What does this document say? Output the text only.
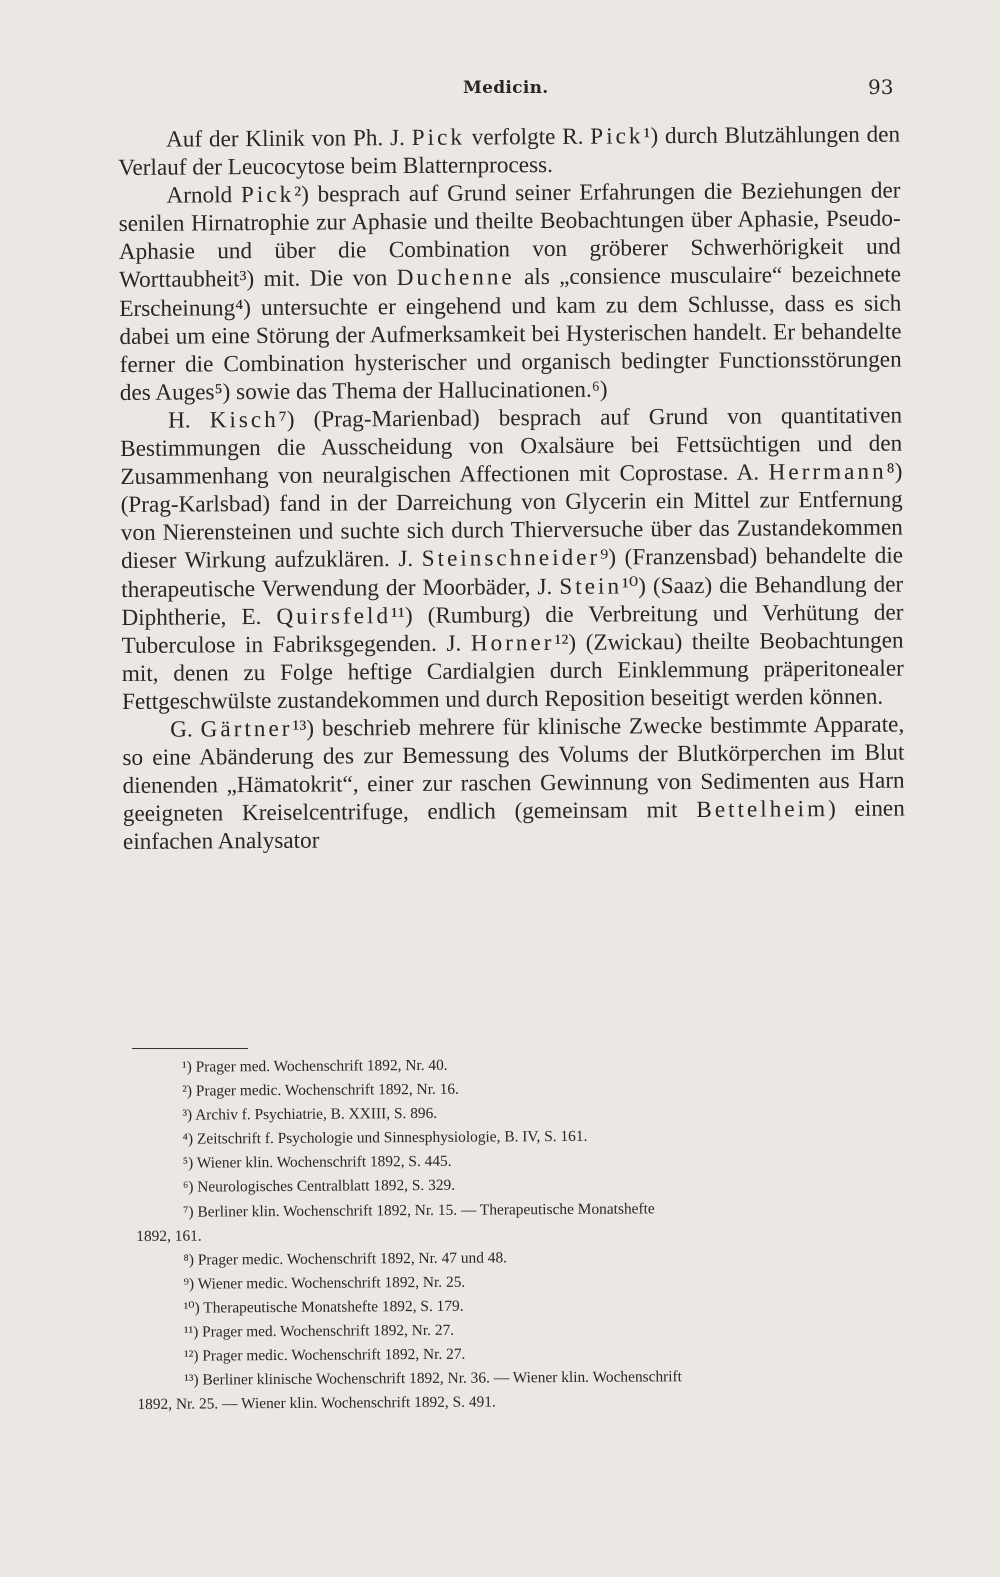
Medicin.	93

Auf der Klinik von Ph. J. Pick verfolgte R. Pick¹) durch Blutzählungen den Verlauf der Leucocytose beim Blatternprocess.

Arnold Pick²) besprach auf Grund seiner Erfahrungen die Beziehungen der senilen Hirnatrophie zur Aphasie und theilte Beobachtungen über Aphasie, Pseudo-Aphasie und über die Combination von gröberer Schwerhörigkeit und Worttaubheit³) mit. Die von Duchenne als „consience musculaire“ bezeichnete Erscheinung⁴) untersuchte er eingehend und kam zu dem Schlusse, dass es sich dabei um eine Störung der Aufmerksamkeit bei Hysterischen handelt. Er behandelte ferner die Combination hysterischer und organisch bedingter Functionsstörungen des Auges⁵) sowie das Thema der Hallucinationen.⁶)

H. Kisch⁷) (Prag-Marienbad) besprach auf Grund von quantitativen Bestimmungen die Ausscheidung von Oxalsäure bei Fettsüchtigen und den Zusammenhang von neuralgischen Affectionen mit Coprostase. A. Herrmann⁸) (Prag-Karlsbad) fand in der Darreichung von Glycerin ein Mittel zur Entfernung von Nierensteinen und suchte sich durch Thierversuche über das Zustandekommen dieser Wirkung aufzuklären. J. Steinschneider⁹) (Franzensbad) behandelte die therapeutische Verwendung der Moorbäder, J. Stein¹⁰) (Saaz) die Behandlung der Diphtherie, E. Quirsfeld¹¹) (Rumburg) die Verbreitung und Verhütung der Tuberculose in Fabriksgegenden. J. Horner¹²) (Zwickau) theilte Beobachtungen mit, denen zu Folge heftige Cardialgien durch Einklemmung präperitonealer Fettgeschwülste zustandekommen und durch Reposition beseitigt werden können.

G. Gärtner¹³) beschrieb mehrere für klinische Zwecke bestimmte Apparate, so eine Abänderung des zur Bemessung des Volums der Blutkörperchen im Blut dienenden „Hämatokrit“, einer zur raschen Gewinnung von Sedimenten aus Harn geeigneten Kreiselcentrifuge, endlich (gemeinsam mit Bettelheim) einen einfachen Analysator

¹) Prager med. Wochenschrift 1892, Nr. 40.
²) Prager medic. Wochenschrift 1892, Nr. 16.
³) Archiv f. Psychiatrie, B. XXIII, S. 896.
⁴) Zeitschrift f. Psychologie und Sinnesphysiologie, B. IV, S. 161.
⁵) Wiener klin. Wochenschrift 1892, S. 445.
⁶) Neurologisches Centralblatt 1892, S. 329.
⁷) Berliner klin. Wochenschrift 1892, Nr. 15. — Therapeutische Monatshefte
1892, 161.
⁸) Prager medic. Wochenschrift 1892, Nr. 47 und 48.
⁹) Wiener medic. Wochenschrift 1892, Nr. 25.
¹⁰) Therapeutische Monatshefte 1892, S. 179.
¹¹) Prager med. Wochenschrift 1892, Nr. 27.
¹²) Prager medic. Wochenschrift 1892, Nr. 27.
¹³) Berliner klinische Wochenschrift 1892, Nr. 36. — Wiener klin. Wochenschrift
1892, Nr. 25. — Wiener klin. Wochenschrift 1892, S. 491.
